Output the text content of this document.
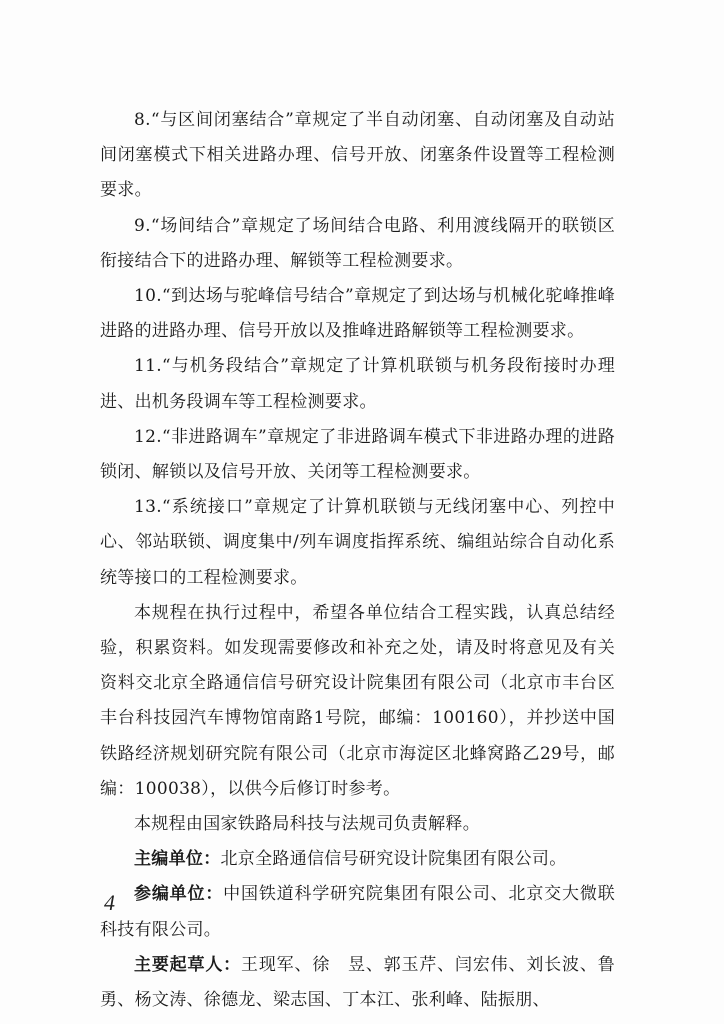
8.“与区间闭塞结合”章规定了半自动闭塞、自动闭塞及自动站间闭塞模式下相关进路办理、信号开放、闭塞条件设置等工程检测要求。

9.“场间结合”章规定了场间结合电路、利用渡线隔开的联锁区衔接结合下的进路办理、解锁等工程检测要求。

10.“到达场与驼峰信号结合”章规定了到达场与机械化驼峰推峰进路的进路办理、信号开放以及推峰进路解锁等工程检测要求。

11.“与机务段结合”章规定了计算机联锁与机务段衔接时办理进、出机务段调车等工程检测要求。

12.“非进路调车”章规定了非进路调车模式下非进路办理的进路锁闭、解锁以及信号开放、关闭等工程检测要求。

13.“系统接口”章规定了计算机联锁与无线闭塞中心、列控中心、邻站联锁、调度集中/列车调度指挥系统、编组站综合自动化系统等接口的工程检测要求。

本规程在执行过程中，希望各单位结合工程实践，认真总结经验，积累资料。如发现需要修改和补充之处，请及时将意见及有关资料交北京全路通信信号研究设计院集团有限公司（北京市丰台区丰台科技园汽车博物馆南路1号院，邮编：100160），并抄送中国铁路经济规划研究院有限公司（北京市海淀区北蜂窝路乙29号，邮编：100038），以供今后修订时参考。

本规程由国家铁路局科技与法规司负责解释。

主编单位：北京全路通信信号研究设计院集团有限公司。

参编单位：中国铁道科学研究院集团有限公司、北京交大微联科技有限公司。

主要起草人：王现军、徐　昱、郭玉芹、闫宏伟、刘长波、鲁　勇、杨文涛、徐德龙、梁志国、丁本江、张利峰、陆振朋、

4
